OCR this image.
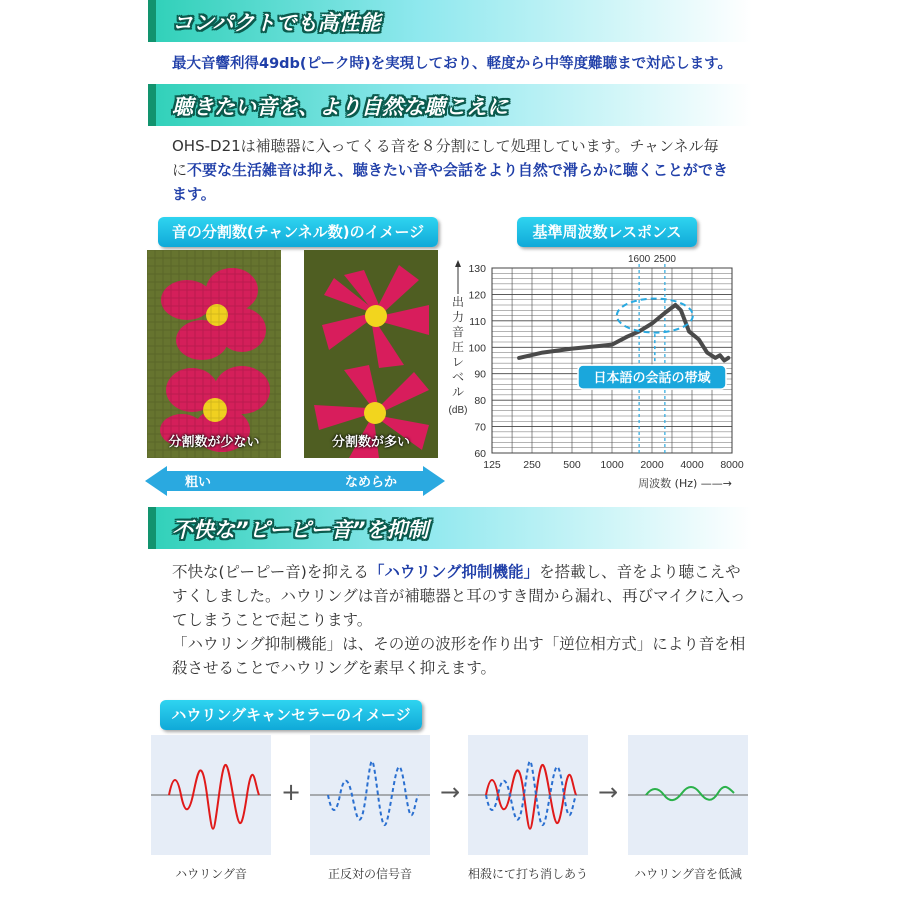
コンパクトでも高性能
最大音響利得49db(ピーク時)を実現しており、軽度から中等度難聴まで対応します。
聴きたい音を、より自然な聴こえに
OHS-D21は補聴器に入ってくる音を８分割にして処理しています。チャンネル毎
に不要な生活雑音は抑え、聴きたい音や会話をより自然で滑らかに聴くことができ
ます。
音の分割数(チャンネル数)のイメージ
分割数が少ない	分割数が多い
粗い	なめらか
基準周波数レスポンス
1600 2500
60
70
80
90
100
110
120
130
125 250 500 1000 2000 4000 8000
出
力
音
圧
レ
ベ
ル
(dB)
周波数 (Hz) ——→
日本語の会話の帯域
不快な”ピーピー音”を抑制
不快な(ピーピー音)を抑える「ハウリング抑制機能」を搭載し、音をより聴こえや
すくしました。ハウリングは音が補聴器と耳のすき間から漏れ、再びマイクに入っ
てしまうことで起こります。
「ハウリング抑制機能」は、その逆の波形を作り出す「逆位相方式」により音を相
殺させることでハウリングを素早く抑えます。
ハウリングキャンセラーのイメージ
+	→	→
ハウリング音	正反対の信号音	相殺にて打ち消しあう	ハウリング音を低減
